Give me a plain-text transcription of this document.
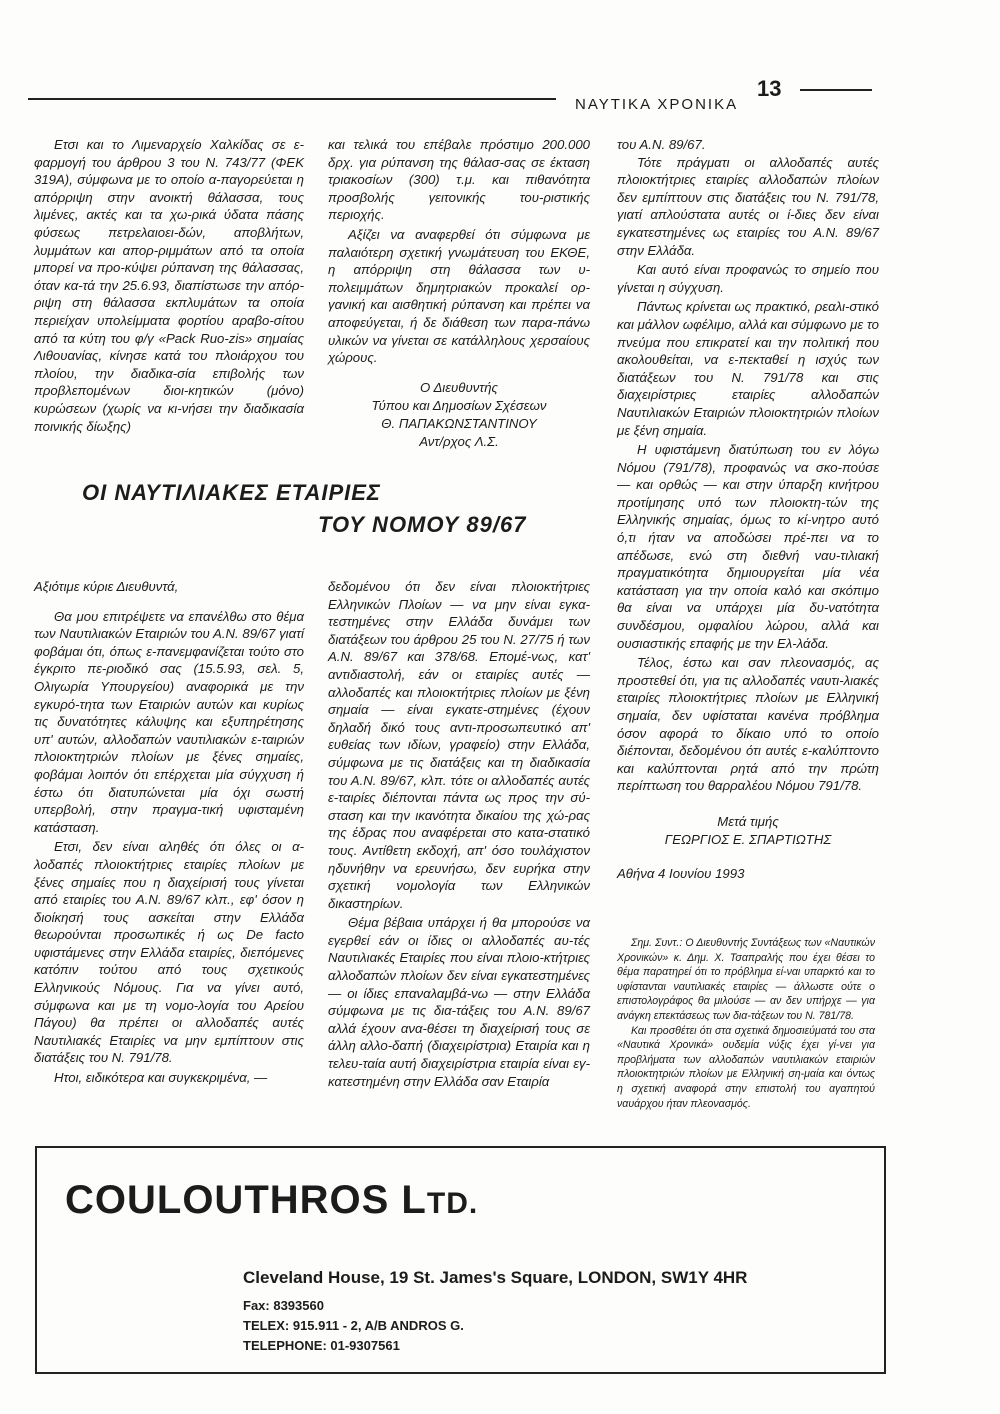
ΝΑΥΤΙΚΑ ΧΡΟΝΙΚΑ
13

Ετσι και το Λιμεναρχείο Χαλκίδας σε ε-φαρμογή του άρθρου 3 του Ν. 743/77 (ΦΕΚ 319Α), σύμφωνα με το οποίο α-παγορεύεται η απόρριψη στην ανοικτή θάλασσα, τους λιμένες, ακτές και τα χω-ρικά ύδατα πάσης φύσεως πετρελαιοει-δών, αποβλήτων, λυμμάτων και απορ-ριμμάτων από τα οποία μπορεί να προ-κύψει ρύπανση της θάλασσας, όταν κα-τά την 25.6.93, διαπίστωσε την απόρ-ριψη στη θάλασσα εκπλυμάτων τα οποία περιείχαν υπολείμματα φορτίου αραβο-σίτου από τα κύτη του φ/γ «Pack Ruo-zis» σημαίας Λιθουανίας, κίνησε κατά του πλοιάρχου του πλοίου, την διαδικα-σία επιβολής των προβλεπομένων διοι-κητικών (μόνο) κυρώσεων (χωρίς να κι-νήσει την διαδικασία ποινικής δίωξης)

και τελικά του επέβαλε πρόστιμο 200.000 δρχ. για ρύπανση της θάλασ-σας σε έκταση τριακοσίων (300) τ.μ. και πιθανότητα προσβολής γειτονικής του-ριστικής περιοχής.

Αξίζει να αναφερθεί ότι σύμφωνα με παλαιότερη σχετική γνωμάτευση του ΕΚΘΕ, η απόρριψη στη θάλασσα των υ-πολειμμάτων δημητριακών προκαλεί ορ-γανική και αισθητική ρύπανση και πρέπει να αποφεύγεται, ή δε διάθεση των παρα-πάνω υλικών να γίνεται σε κατάλληλους χερσαίους χώρους.

Ο Διευθυντής
Τύπου και Δημοσίων Σχέσεων
Θ. ΠΑΠΑΚΩΝΣΤΑΝΤΙΝΟΥ
Αντ/ρχος Λ.Σ.
ΟΙ ΝΑΥΤΙΛΙΑΚΕΣ ΕΤΑΙΡΙΕΣ
ΤΟΥ ΝΟΜΟΥ 89/67

Αξιότιμε κύριε Διευθυντά,

Θα μου επιτρέψετε να επανέλθω στο θέμα των Ναυτιλιακών Εταιριών του Α.Ν. 89/67 γιατί φοβάμαι ότι, όπως ε-πανεμφανίζεται τούτο στο έγκριτο πε-ριοδικό σας (15.5.93, σελ. 5, Ολιγωρία Υπουργείου) αναφορικά με την εγκυρό-τητα των Εταιριών αυτών και κυρίως τις δυνατότητες κάλυψης και εξυπηρέτησης υπ' αυτών, αλλοδαπών ναυτιλιακών ε-ταιριών πλοιοκτητριών πλοίων με ξένες σημαίες, φοβάμαι λοιπόν ότι επέρχεται μία σύγχυση ή έστω ότι διατυπώνεται μία όχι σωστή υπερβολή, στην πραγμα-τική υφισταμένη κατάσταση.

Ετσι, δεν είναι αληθές ότι όλες οι α-λοδαπές πλοιοκτήτριες εταιρίες πλοίων με ξένες σημαίες που η διαχείρισή τους γίνεται από εταιρίες του Α.Ν. 89/67 κλπ., εφ' όσον η διοίκησή τους ασκείται στην Ελλάδα θεωρούνται προσωπικές ή ως De facto υφιστάμενες στην Ελλάδα εταιρίες, διεπόμενες κατόπιν τούτου από τους σχετικούς Ελληνικούς Νόμους. Για να γίνει αυτό, σύμφωνα και με τη νομο-λογία του Αρείου Πάγου) θα πρέπει οι αλλοδαπές αυτές Ναυτιλιακές Εταιρίες να μην εμπίπτουν στις διατάξεις του Ν. 791/78.

Ητοι, ειδικότερα και συγκεκριμένα, —

δεδομένου ότι δεν είναι πλοιοκτήτριες Ελληνικών Πλοίων — να μην είναι εγκα-τεστημένες στην Ελλάδα δυνάμει των διατάξεων του άρθρου 25 του Ν. 27/75 ή των Α.Ν. 89/67 και 378/68. Επομέ-νως, κατ' αντιδιαστολή, εάν οι εταιρίες αυτές — αλλοδαπές και πλοιοκτήτριες πλοίων με ξένη σημαία — είναι εγκατε-στημένες (έχουν δηλαδή δικό τους αντι-προσωπευτικό απ' ευθείας των ιδίων, γραφείο) στην Ελλάδα, σύμφωνα με τις διατάξεις και τη διαδικασία του Α.Ν. 89/67, κλπ. τότε οι αλλοδαπές αυτές ε-ταιρίες διέπονται πάντα ως προς την σύ-σταση και την ικανότητα δικαίου της χώ-ρας της έδρας που αναφέρεται στο κατα-στατικό τους. Αντίθετη εκδοχή, απ' όσο τουλάχιστον ηδυνήθην να ερευνήσω, δεν ευρήκα στην σχετική νομολογία των Ελληνικών δικαστηρίων.

Θέμα βέβαια υπάρχει ή θα μπορούσε να εγερθεί εάν οι ίδιες οι αλλοδαπές αυ-τές Ναυτιλιακές Εταιρίες που είναι πλοιο-κτήτριες αλλοδαπών πλοίων δεν είναι εγκατεστημένες — οι ίδιες επαναλαμβά-νω — στην Ελλάδα σύμφωνα με τις δια-τάξεις του Α.Ν. 89/67 αλλά έχουν ανα-θέσει τη διαχείρισή τους σε άλλη αλλο-δαπή (διαχειρίστρια) Εταιρία και η τελευ-ταία αυτή διαχειρίστρια εταιρία είναι εγ-κατεστημένη στην Ελλάδα σαν Εταιρία

του Α.Ν. 89/67.

Τότε πράγματι οι αλλοδαπές αυτές πλοιοκτήτριες εταιρίες αλλοδαπών πλοίων δεν εμπίπτουν στις διατάξεις του Ν. 791/78, γιατί απλούστατα αυτές οι ί-διες δεν είναι εγκατεστημένες ως εταιρίες του Α.Ν. 89/67 στην Ελλάδα.

Και αυτό είναι προφανώς το σημείο που γίνεται η σύγχυση.

Πάντως κρίνεται ως πρακτικό, ρεαλι-στικό και μάλλον ωφέλιμο, αλλά και σύμφωνο με το πνεύμα που επικρατεί και την πολιτική που ακολουθείται, να ε-πεκταθεί η ισχύς των διατάξεων του Ν. 791/78 και στις διαχειρίστριες εταιρίες αλλοδαπών Ναυτιλιακών Εταιριών πλοιοκτητριών πλοίων με ξένη σημαία.

Η υφιστάμενη διατύπωση του εν λόγω Νόμου (791/78), προφανώς να σκο-πούσε — και ορθώς — και στην ύπαρξη κινήτρου προτίμησης υπό των πλοιοκτη-τών της Ελληνικής σημαίας, όμως το κί-νητρο αυτό ό,τι ήταν να αποδώσει πρέ-πει να το απέδωσε, ενώ στη διεθνή ναυ-τιλιακή πραγματικότητα δημιουργείται μία νέα κατάσταση για την οποία καλό και σκόπιμο θα είναι να υπάρχει μία δυ-νατότητα συνδέσμου, ομφαλίου λώρου, αλλά και ουσιαστικής επαφής με την Ελ-λάδα.

Τέλος, έστω και σαν πλεονασμός, ας προστεθεί ότι, για τις αλλοδαπές ναυτι-λιακές εταιρίες πλοιοκτήτριες πλοίων με Ελληνική σημαία, δεν υφίσταται κανένα πρόβλημα όσον αφορά το δίκαιο υπό το οποίο διέπονται, δεδομένου ότι αυτές ε-καλύπτοντο και καλύπτονται ρητά από την πρώτη περίπτωση του θαρραλέου Νόμου 791/78.

Μετά τιμής
ΓΕΩΡΓΙΟΣ Ε. ΣΠΑΡΤΙΩΤΗΣ

Αθήνα 4 Ιουνίου 1993

Σημ. Συντ.: Ο Διευθυντής Συντάξεως των «Ναυτικών Χρονικών» κ. Δημ. Χ. Τσαπραλής που έχει θέσει το θέμα παρατηρεί ότι το πρόβλημα εί-ναι υπαρκτό και το υφίστανται ναυτιλιακές εταιρίες — άλλωστε ούτε ο επιστολογράφος θα μιλούσε — αν δεν υπήρχε — για ανάγκη επεκτάσεως των δια-τάξεων του Ν. 781/78.

Και προσθέτει ότι στα σχετικά δημοσιεύματά του στα «Ναυτικά Χρονικά» ουδεμία νύξις έχει γί-νει για προβλήματα των αλλοδαπών ναυτιλιακών εταιριών πλοιοκτητριών πλοίων με Ελληνική ση-μαία και όντως η σχετική αναφορά στην επιστολή του αγαπητού ναυάρχου ήταν πλεονασμός.

COULOUTHROS LTD.
Cleveland House, 19 St. James's Square, LONDON, SW1Y 4HR
Fax: 8393560
TELEX: 915.911 - 2, A/B ANDROS G.
TELEPHONE: 01-9307561
